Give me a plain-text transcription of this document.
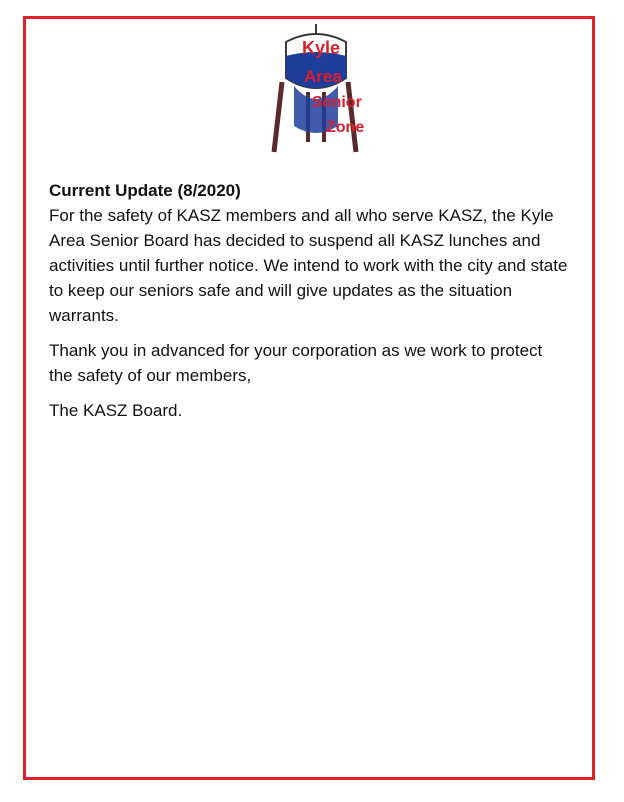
Kyle
Area
Senior
Zone

Current Update (8/2020)

For the safety of KASZ members and all who serve KASZ, the Kyle Area Senior Board has decided to suspend all KASZ lunches and activities until further notice. We intend to work with the city and state to keep our seniors safe and will give updates as the situation warrants.

Thank you in advanced for your corporation as we work to protect the safety of our members,

The KASZ Board.
